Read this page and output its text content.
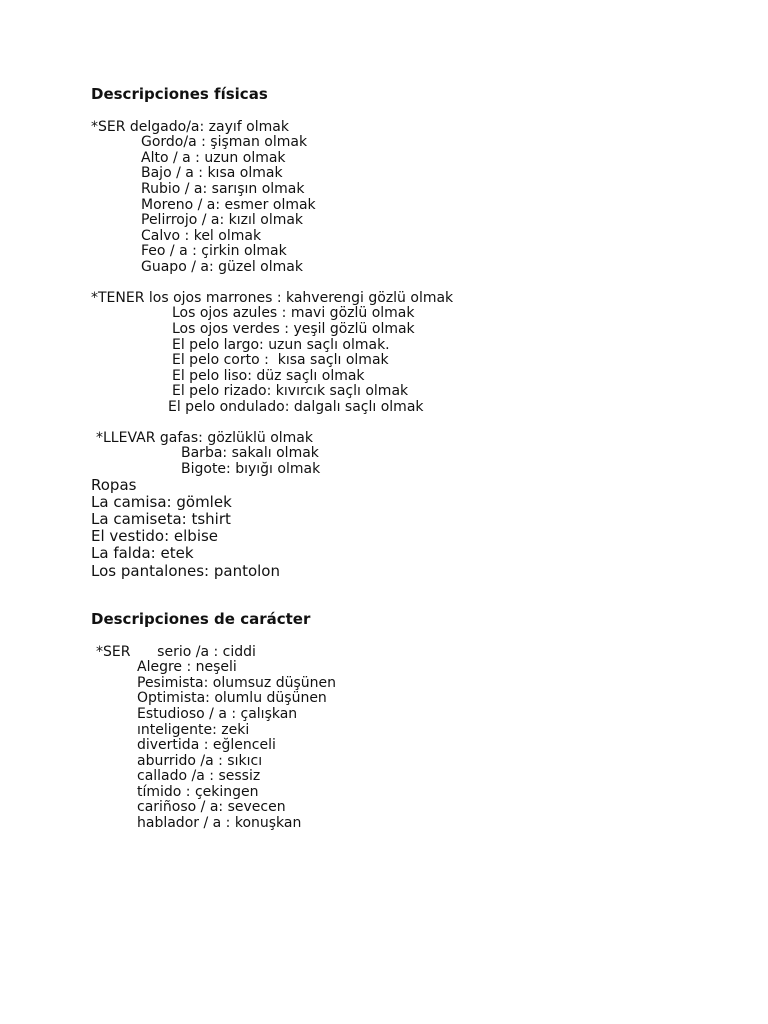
Descripciones físicas
*SER delgado/a: zayıf olmak
Gordo/a : şişman olmak
Alto / a : uzun olmak
Bajo / a : kısa olmak
Rubio / a: sarışın olmak
Moreno / a: esmer olmak
Pelirrojo / a: kızıl olmak
Calvo : kel olmak
Feo / a : çirkin olmak
Guapo / a: güzel olmak
*TENER los ojos marrones : kahverengi gözlü olmak
Los ojos azules : mavi gözlü olmak
Los ojos verdes : yeşil gözlü olmak
El pelo largo: uzun saçlı olmak.
El pelo corto :  kısa saçlı olmak
El pelo liso: düz saçlı olmak
El pelo rizado: kıvırcık saçlı olmak
El pelo ondulado: dalgalı saçlı olmak
*LLEVAR gafas: gözlüklü olmak
Barba: sakalı olmak
Bigote: bıyığı olmak
Ropas
La camisa: gömlek
La camiseta: tshirt
El vestido: elbise
La falda: etek
Los pantalones: pantolon
Descripciones de carácter
*SER      serio /a : ciddi
Alegre : neşeli
Pesimista: olumsuz düşünen
Optimista: olumlu düşünen
Estudioso / a : çalışkan
ınteligente: zeki
divertida : eğlenceli
aburrido /a : sıkıcı
callado /a : sessiz
tímido : çekingen
cariñoso / a: sevecen
hablador / a : konuşkan
